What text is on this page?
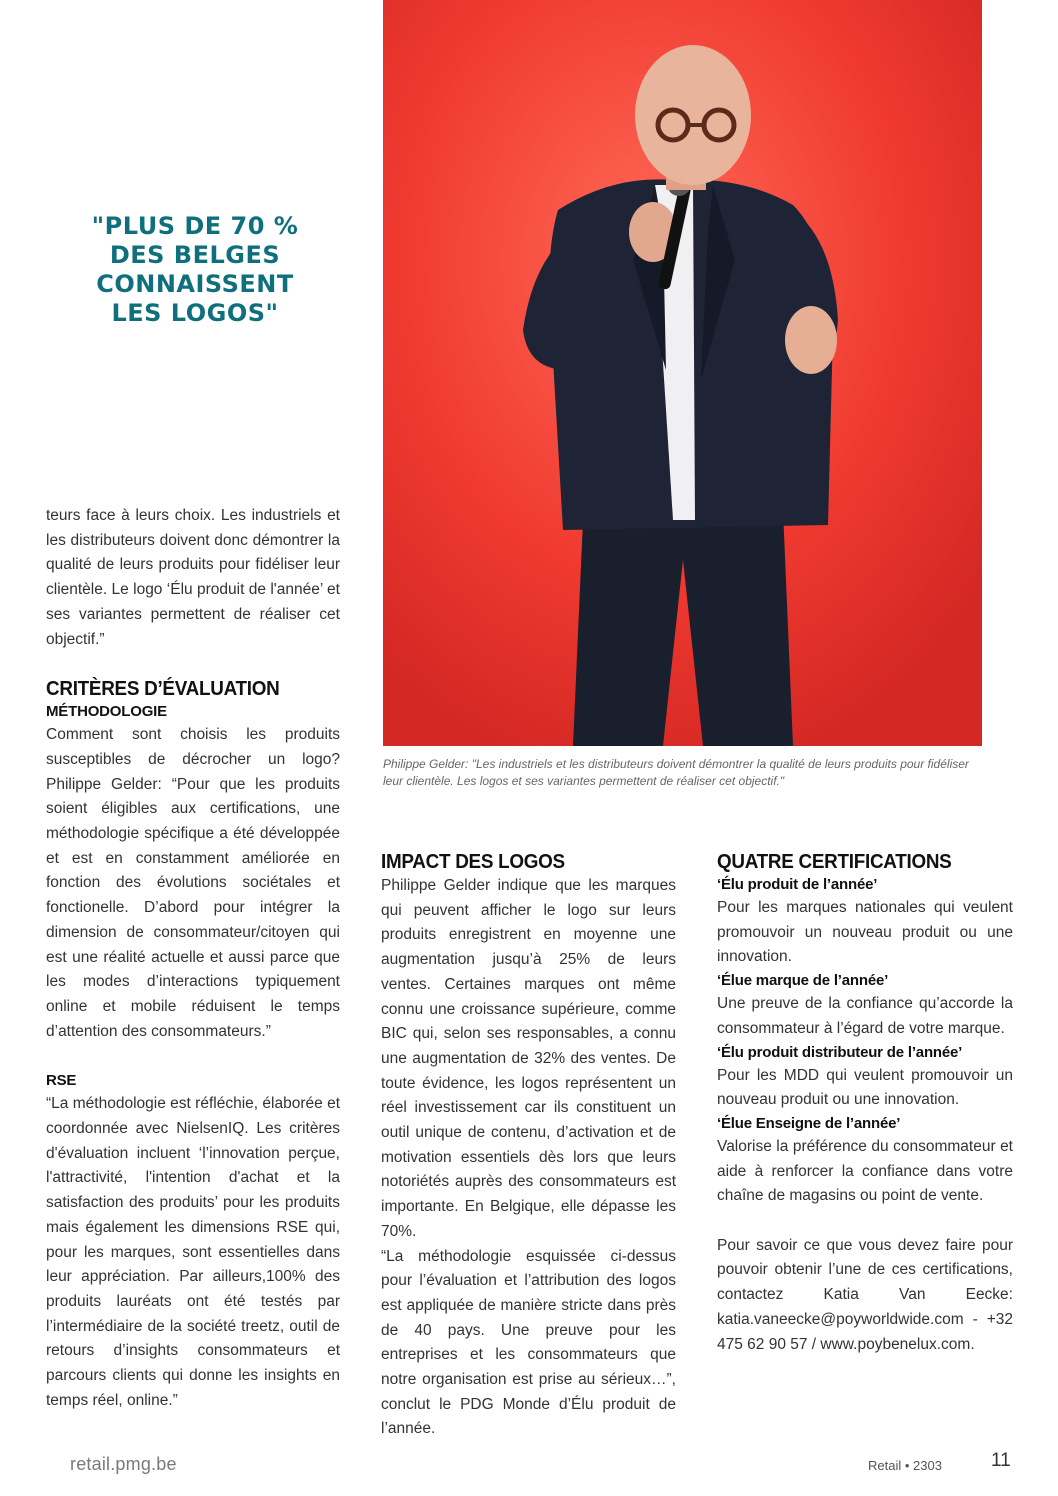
"PLUS DE 70 %
DES BELGES
CONNAISSENT
LES LOGOS"
Philippe Gelder: "Les industriels et les distributeurs doivent démontrer la qualité de leurs produits pour fidéliser leur clientèle. Les logos et ses variantes permettent de réaliser cet objectif."

teurs face à leurs choix. Les industriels et les distributeurs doivent donc démontrer la qualité de leurs produits pour fidéliser leur clientèle. Le logo ‘Élu produit de l'année’ et ses variantes permettent de réaliser cet objectif.”

CRITÈRES D’ÉVALUATION
MÉTHODOLOGIE

Comment sont choisis les produits susceptibles de décrocher un logo? Philippe Gelder: “Pour que les produits soient éligibles aux certifications, une méthodologie spécifique a été développée et est en constamment améliorée en fonction des évolutions sociétales et fonctionelle. D’abord pour intégrer la dimension de consommateur/citoyen qui est une réalité actuelle et aussi parce que les modes d’interactions typiquement online et mobile réduisent le temps d’attention des consommateurs.”

RSE

“La méthodologie est réfléchie, élaborée et coordonnée avec NielsenIQ. Les critères d'évaluation incluent ‘l’innovation perçue, l'attractivité, l'intention d'achat et la satisfaction des produits’ pour les produits mais également les dimensions RSE qui, pour les marques, sont essentielles dans leur appréciation. Par ailleurs,100% des produits lauréats ont été testés par l’intermédiaire de la société treetz, outil de retours d’insights consommateurs et parcours clients qui donne les insights en temps réel, online.”

IMPACT DES LOGOS

Philippe Gelder indique que les marques qui peuvent afficher le logo sur leurs produits enregistrent en moyenne une augmentation jusqu’à 25% de leurs ventes. Certaines marques ont même connu une croissance supérieure, comme BIC qui, selon ses responsables, a connu une augmentation de 32% des ventes. De toute évidence, les logos représentent un réel investissement car ils constituent un outil unique de contenu, d’activation et de motivation essentiels dès lors que leurs notoriétés auprès des consommateurs est importante. En Belgique, elle dépasse les 70%.

“La méthodologie esquissée ci-dessus pour l’évaluation et l’attribution des logos est appliquée de manière stricte dans près de 40 pays. Une preuve pour les entreprises et les consommateurs que notre organisation est prise au sérieux…”, conclut le PDG Monde d’Élu produit de l’année.

QUATRE CERTIFICATIONS
‘Élu produit de l’année’

Pour les marques nationales qui veulent promouvoir un nouveau produit ou une innovation.

‘Élue marque de l’année’

Une preuve de la confiance qu’accorde la consommateur à l’égard de votre marque.

‘Élu produit distributeur de l’année’

Pour les MDD qui veulent promouvoir un nouveau produit ou une innovation.

‘Élue Enseigne de l’année’

Valorise la préférence du consommateur et aide à renforcer la confiance dans votre chaîne de magasins ou point de vente.

Pour savoir ce que vous devez faire pour pouvoir obtenir l’une de ces certifications, contactez Katia Van Eecke: katia.vaneecke@poyworldwide.com - +32 475 62 90 57 / www.poybenelux.com.

retail.pmg.be	Retail • 2303	11
